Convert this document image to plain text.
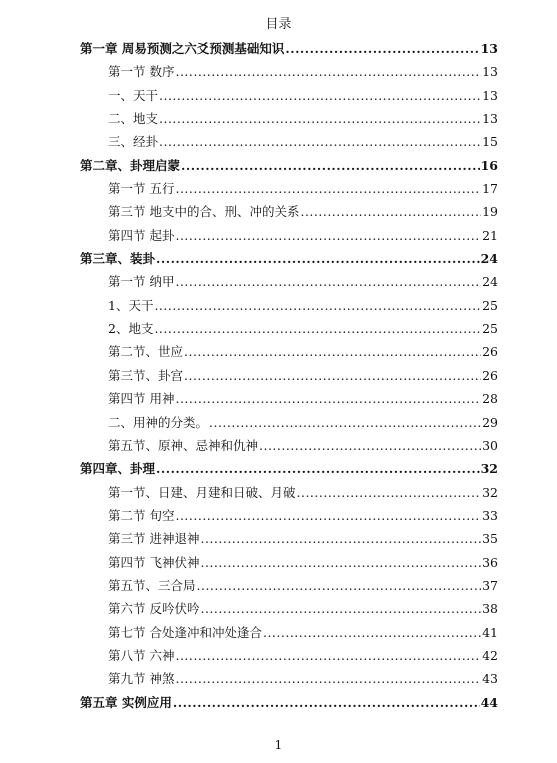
目录
第一章 周易预测之六爻预测基础知识 .....	13
第一节 数序 .....	13
一、天干 .....	13
二、地支 .....	13
三、经卦 .....	15
第二章、卦理启蒙 .....	16
第一节 五行 .....	17
第三节 地支中的合、刑、冲的关系 .....	19
第四节 起卦 .....	21
第三章、装卦 .....	24
第一节 纳甲 .....	24
1、天干 .....	25
2、地支 .....	25
第二节、世应 .....	26
第三节、卦宫 .....	26
第四节 用神 .....	28
二、用神的分类。 .....	29
第五节、原神、忌神和仇神 .....	30
第四章、卦理 .....	32
第一节、日建、月建和日破、月破 .....	32
第二节 旬空 .....	33
第三节 进神退神 .....	35
第四节 飞神伏神 .....	36
第五节、三合局 .....	37
第六节 反吟伏吟 .....	38
第七节 合处逢冲和冲处逢合 .....	41
第八节 六神 .....	42
第九节 神煞 .....	43
第五章 实例应用 .....	44
1
